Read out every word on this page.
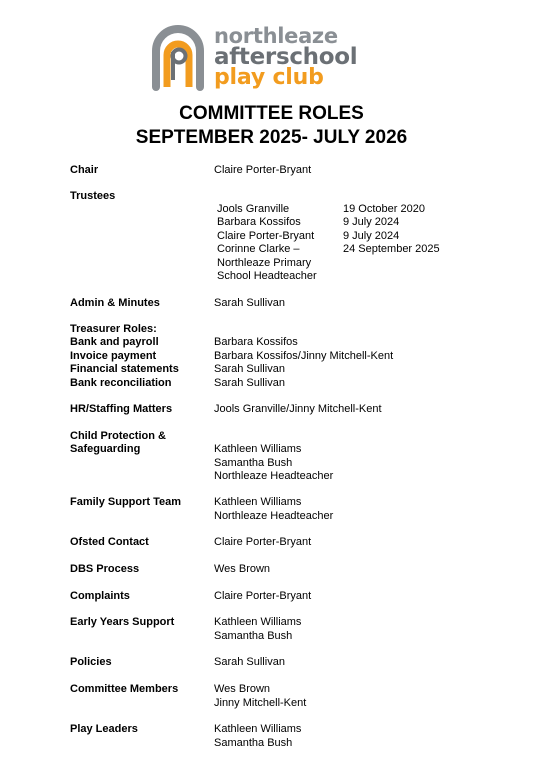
northleaze
afterschool
play club
COMMITTEE ROLES
SEPTEMBER 2025- JULY 2026
Chair	Claire Porter-Bryant
Trustees
Jools Granville	19 October 2020
Barbara Kossifos	9 July 2024
Claire Porter-Bryant	9 July 2024
Corinne Clarke –	24 September 2025
Northleaze Primary	
School Headteacher	
Admin & Minutes	Sarah Sullivan
Treasurer Roles:
Bank and payroll	Barbara Kossifos
Invoice payment	Barbara Kossifos/Jinny Mitchell-Kent
Financial statements	Sarah Sullivan
Bank reconciliation	Sarah Sullivan
HR/Staffing Matters	Jools Granville/Jinny Mitchell-Kent
Child Protection &
Safeguarding	Kathleen Williams
Samantha Bush
Northleaze Headteacher
Family Support Team	Kathleen Williams
Northleaze Headteacher
Ofsted Contact	Claire Porter-Bryant
DBS Process	Wes Brown
Complaints	Claire Porter-Bryant
Early Years Support	Kathleen Williams
Samantha Bush
Policies	Sarah Sullivan
Committee Members	Wes Brown
Jinny Mitchell-Kent
Play Leaders	Kathleen Williams
Samantha Bush
